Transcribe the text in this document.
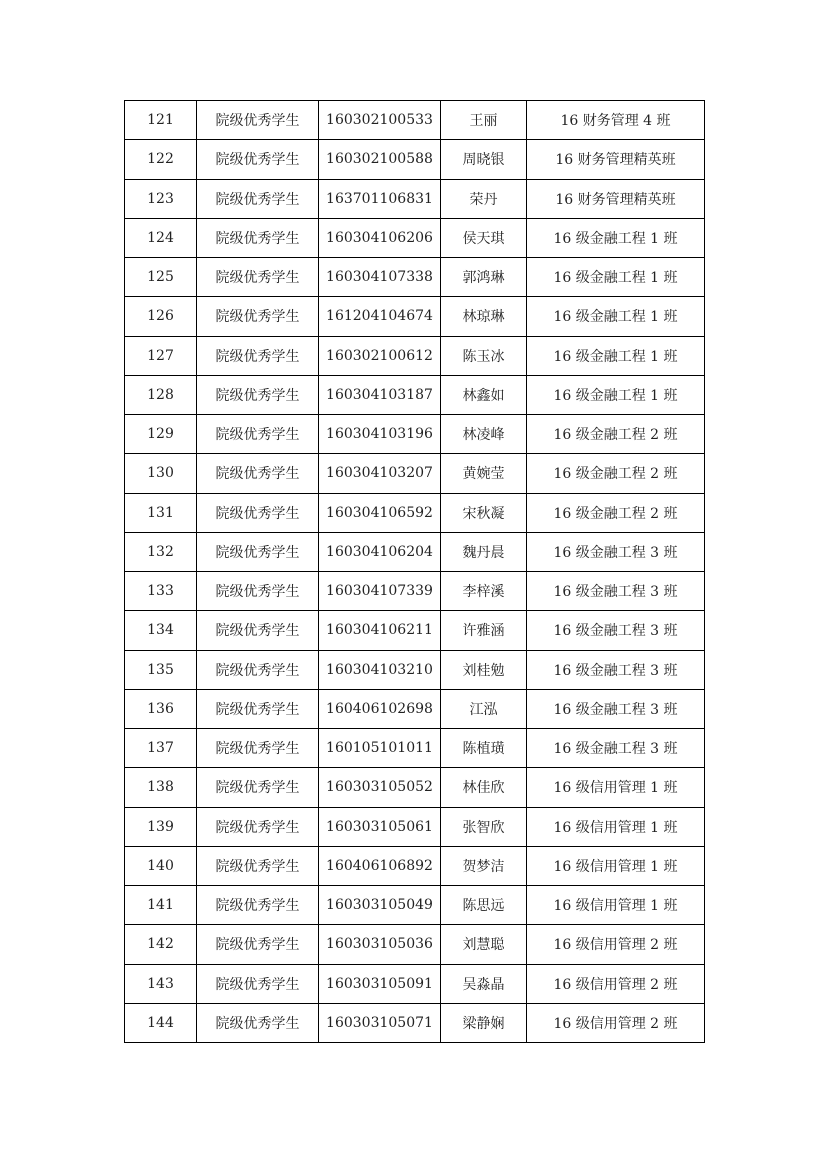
121	院级优秀学生	160302100533	王丽	16 财务管理 4 班
122	院级优秀学生	160302100588	周晓银	16 财务管理精英班
123	院级优秀学生	163701106831	荣丹	16 财务管理精英班
124	院级优秀学生	160304106206	侯天琪	16 级金融工程 1 班
125	院级优秀学生	160304107338	郭鸿琳	16 级金融工程 1 班
126	院级优秀学生	161204104674	林琼琳	16 级金融工程 1 班
127	院级优秀学生	160302100612	陈玉冰	16 级金融工程 1 班
128	院级优秀学生	160304103187	林鑫如	16 级金融工程 1 班
129	院级优秀学生	160304103196	林凌峰	16 级金融工程 2 班
130	院级优秀学生	160304103207	黄婉莹	16 级金融工程 2 班
131	院级优秀学生	160304106592	宋秋凝	16 级金融工程 2 班
132	院级优秀学生	160304106204	魏丹晨	16 级金融工程 3 班
133	院级优秀学生	160304107339	李梓溪	16 级金融工程 3 班
134	院级优秀学生	160304106211	许雅涵	16 级金融工程 3 班
135	院级优秀学生	160304103210	刘桂勉	16 级金融工程 3 班
136	院级优秀学生	160406102698	江泓	16 级金融工程 3 班
137	院级优秀学生	160105101011	陈植璜	16 级金融工程 3 班
138	院级优秀学生	160303105052	林佳欣	16 级信用管理 1 班
139	院级优秀学生	160303105061	张智欣	16 级信用管理 1 班
140	院级优秀学生	160406106892	贺梦洁	16 级信用管理 1 班
141	院级优秀学生	160303105049	陈思远	16 级信用管理 1 班
142	院级优秀学生	160303105036	刘慧聪	16 级信用管理 2 班
143	院级优秀学生	160303105091	吴淼晶	16 级信用管理 2 班
144	院级优秀学生	160303105071	梁静娴	16 级信用管理 2 班
